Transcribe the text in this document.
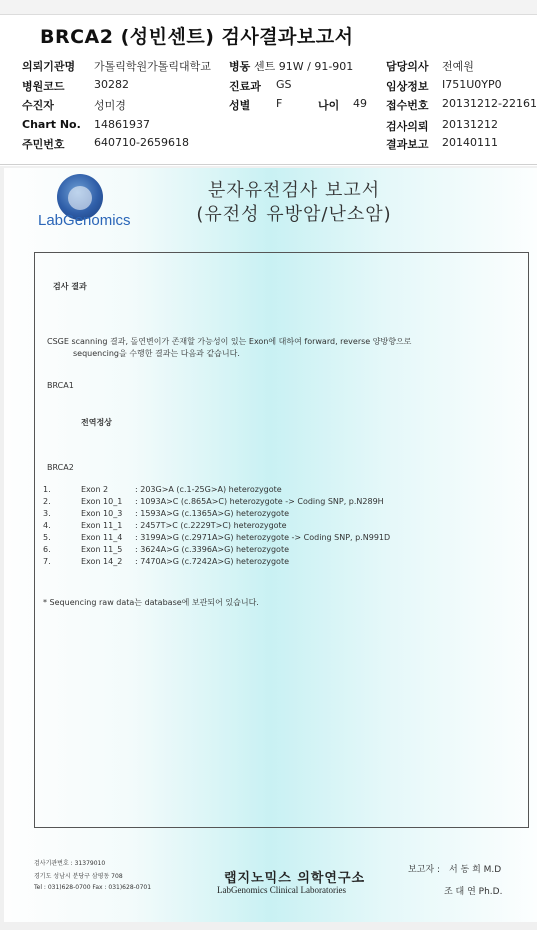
BRCA2 (성빈센트) 검사결과보고서
의뢰기관명 가톨릭학원가톨릭대학교 병동 센트 91W / 91-901	담당의사 전예원
병원코드	30282	진료과 GS	임상정보 I751U0YP0
수진자	성미경	성별 F	나이 49 접수번호 20131212-22161
Chart No. 14861937	검사의뢰 20131212
주민번호	640710-2659618	결과보고 20140111
LabGenomics
분자유전검사 보고서
(유전성 유방암/난소암)
검사 결과
CSGE scanning 결과, 돌연변이가 존재할 가능성이 있는 Exon에 대하여 forward, reverse 양방향으로
sequencing을 수행한 결과는 다음과 같습니다.
BRCA1
전역정상
BRCA2
1.	Exon 2	: 203G>A (c.1-25G>A) heterozygote
2.	Exon 10_1 : 1093A>C (c.865A>C) heterozygote -> Coding SNP, p.N289H
3.	Exon 10_3 : 1593A>G (c.1365A>G) heterozygote
4.	Exon 11_1 : 2457T>C (c.2229T>C) heterozygote
5.	Exon 11_4 : 3199A>G (c.2971A>G) heterozygote -> Coding SNP, p.N991D
6.	Exon 11_5 : 3624A>G (c.3396A>G) heterozygote
7.	Exon 14_2 : 7470A>G (c.7242A>G) heterozygote
* Sequencing raw data는 database에 보관되어 있습니다.
검사기관번호 : 31379010
경기도 성남시 분당구 삼평동 708
Tel : 031)628-0700 Fax : 031)628-0701
랩지노믹스 의학연구소
LabGenomics Clinical Laboratories
보고자 : 서 동 희 M.D
조 대 연 Ph.D.
